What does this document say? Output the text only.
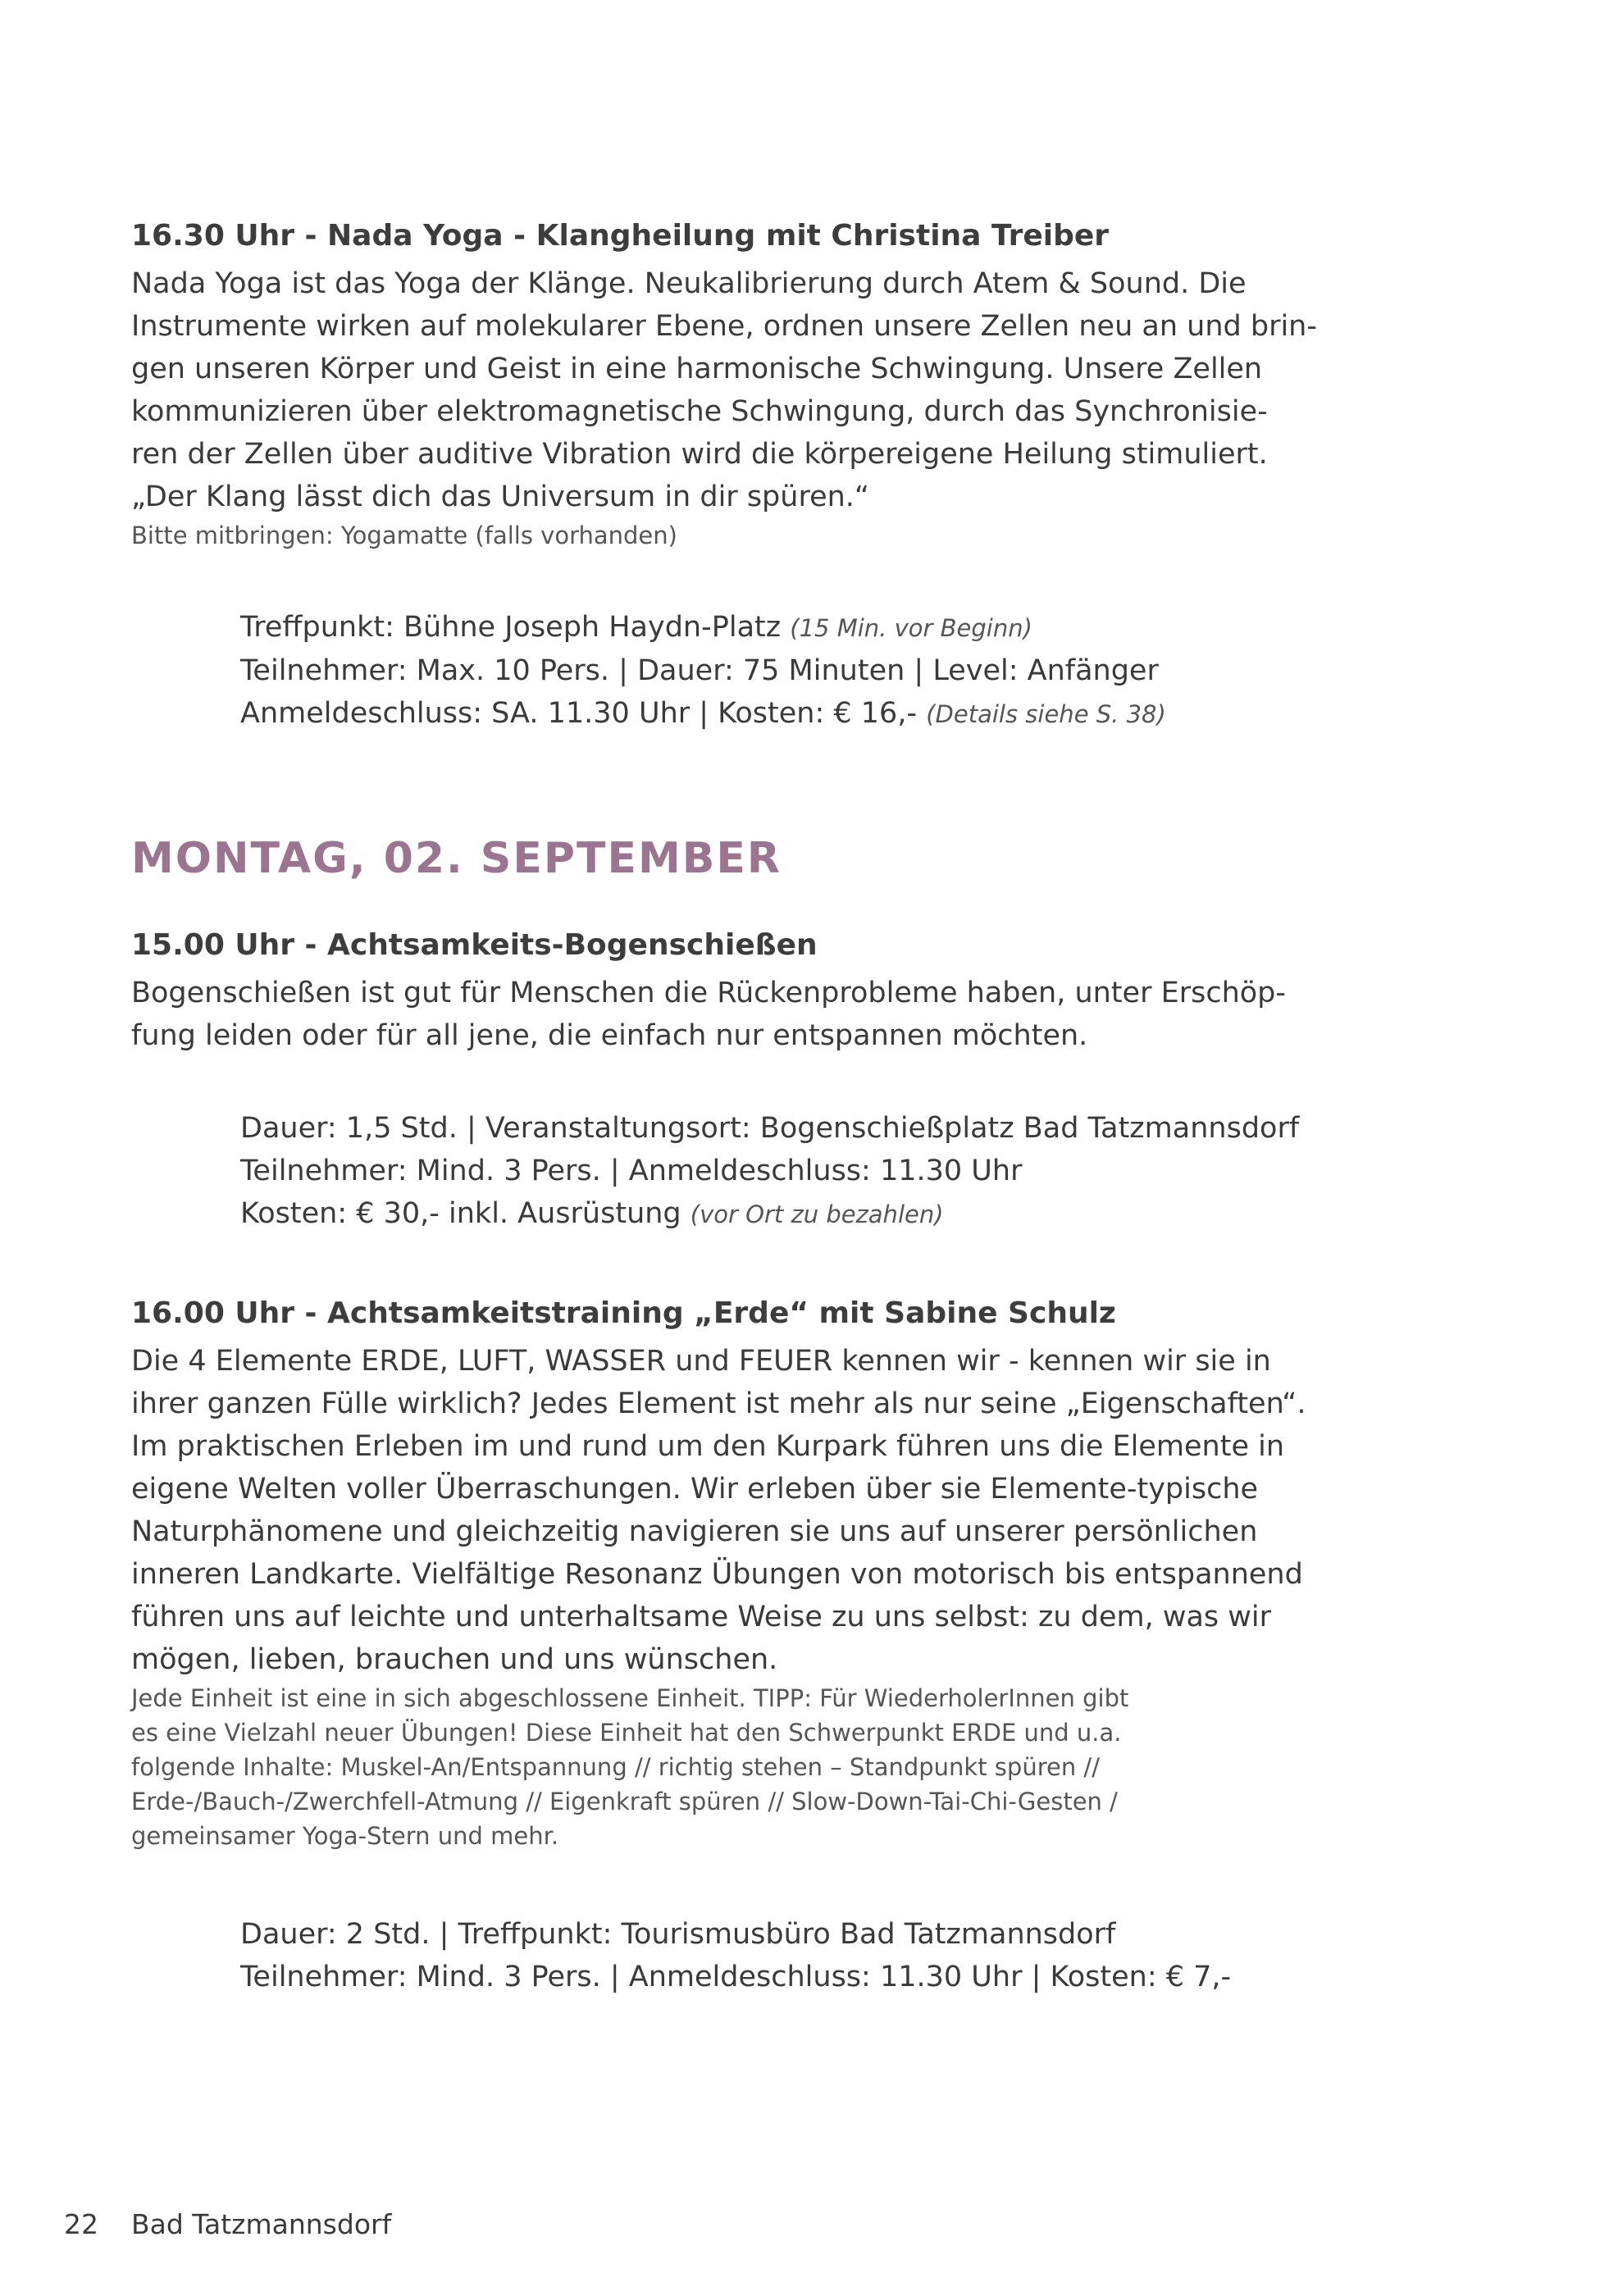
16.30 Uhr - Nada Yoga - Klangheilung mit Christina Treiber
Nada Yoga ist das Yoga der Klänge. Neukalibrierung durch Atem & Sound. Die
Instrumente wirken auf molekularer Ebene, ordnen unsere Zellen neu an und brin-
gen unseren Körper und Geist in eine harmonische Schwingung. Unsere Zellen
kommunizieren über elektromagnetische Schwingung, durch das Synchronisie-
ren der Zellen über auditive Vibration wird die körpereigene Heilung stimuliert.
„Der Klang lässt dich das Universum in dir spüren.“

Bitte mitbringen: Yogamatte (falls vorhanden)

Treffpunkt: Bühne Joseph Haydn-Platz (15 Min. vor Beginn)
Teilnehmer: Max. 10 Pers. | Dauer: 75 Minuten | Level: Anfänger
Anmeldeschluss: SA. 11.30 Uhr | Kosten: € 16,- (Details siehe S. 38)
MONTAG, 02. SEPTEMBER
15.00 Uhr - Achtsamkeits-Bogenschießen
Bogenschießen ist gut für Menschen die Rückenprobleme haben, unter Erschöp-
fung leiden oder für all jene, die einfach nur entspannen möchten.
Dauer: 1,5 Std. | Veranstaltungsort: Bogenschießplatz Bad Tatzmannsdorf
Teilnehmer: Mind. 3 Pers. | Anmeldeschluss: 11.30 Uhr
Kosten: € 30,- inkl. Ausrüstung (vor Ort zu bezahlen)
16.00 Uhr - Achtsamkeitstraining „Erde“ mit Sabine Schulz
Die 4 Elemente ERDE, LUFT, WASSER und FEUER kennen wir - kennen wir sie in
ihrer ganzen Fülle wirklich? Jedes Element ist mehr als nur seine „Eigenschaften“.
Im praktischen Erleben im und rund um den Kurpark führen uns die Elemente in
eigene Welten voller Überraschungen. Wir erleben über sie Elemente-typische
Naturphänomene und gleichzeitig navigieren sie uns auf unserer persönlichen
inneren Landkarte. Vielfältige Resonanz Übungen von motorisch bis entspannend
führen uns auf leichte und unterhaltsame Weise zu uns selbst: zu dem, was wir
mögen, lieben, brauchen und uns wünschen.
Jede Einheit ist eine in sich abgeschlossene Einheit. TIPP: Für WiederholerInnen gibt
es eine Vielzahl neuer Übungen! Diese Einheit hat den Schwerpunkt ERDE und u.a.
folgende Inhalte: Muskel-An/Entspannung // richtig stehen – Standpunkt spüren //
Erde-/Bauch-/Zwerchfell-Atmung // Eigenkraft spüren // Slow-Down-Tai-Chi-Gesten /
gemeinsamer Yoga-Stern und mehr.
Dauer: 2 Std. | Treffpunkt: Tourismusbüro Bad Tatzmannsdorf
Teilnehmer: Mind. 3 Pers. | Anmeldeschluss: 11.30 Uhr | Kosten: € 7,-
22 Bad Tatzmannsdorf
